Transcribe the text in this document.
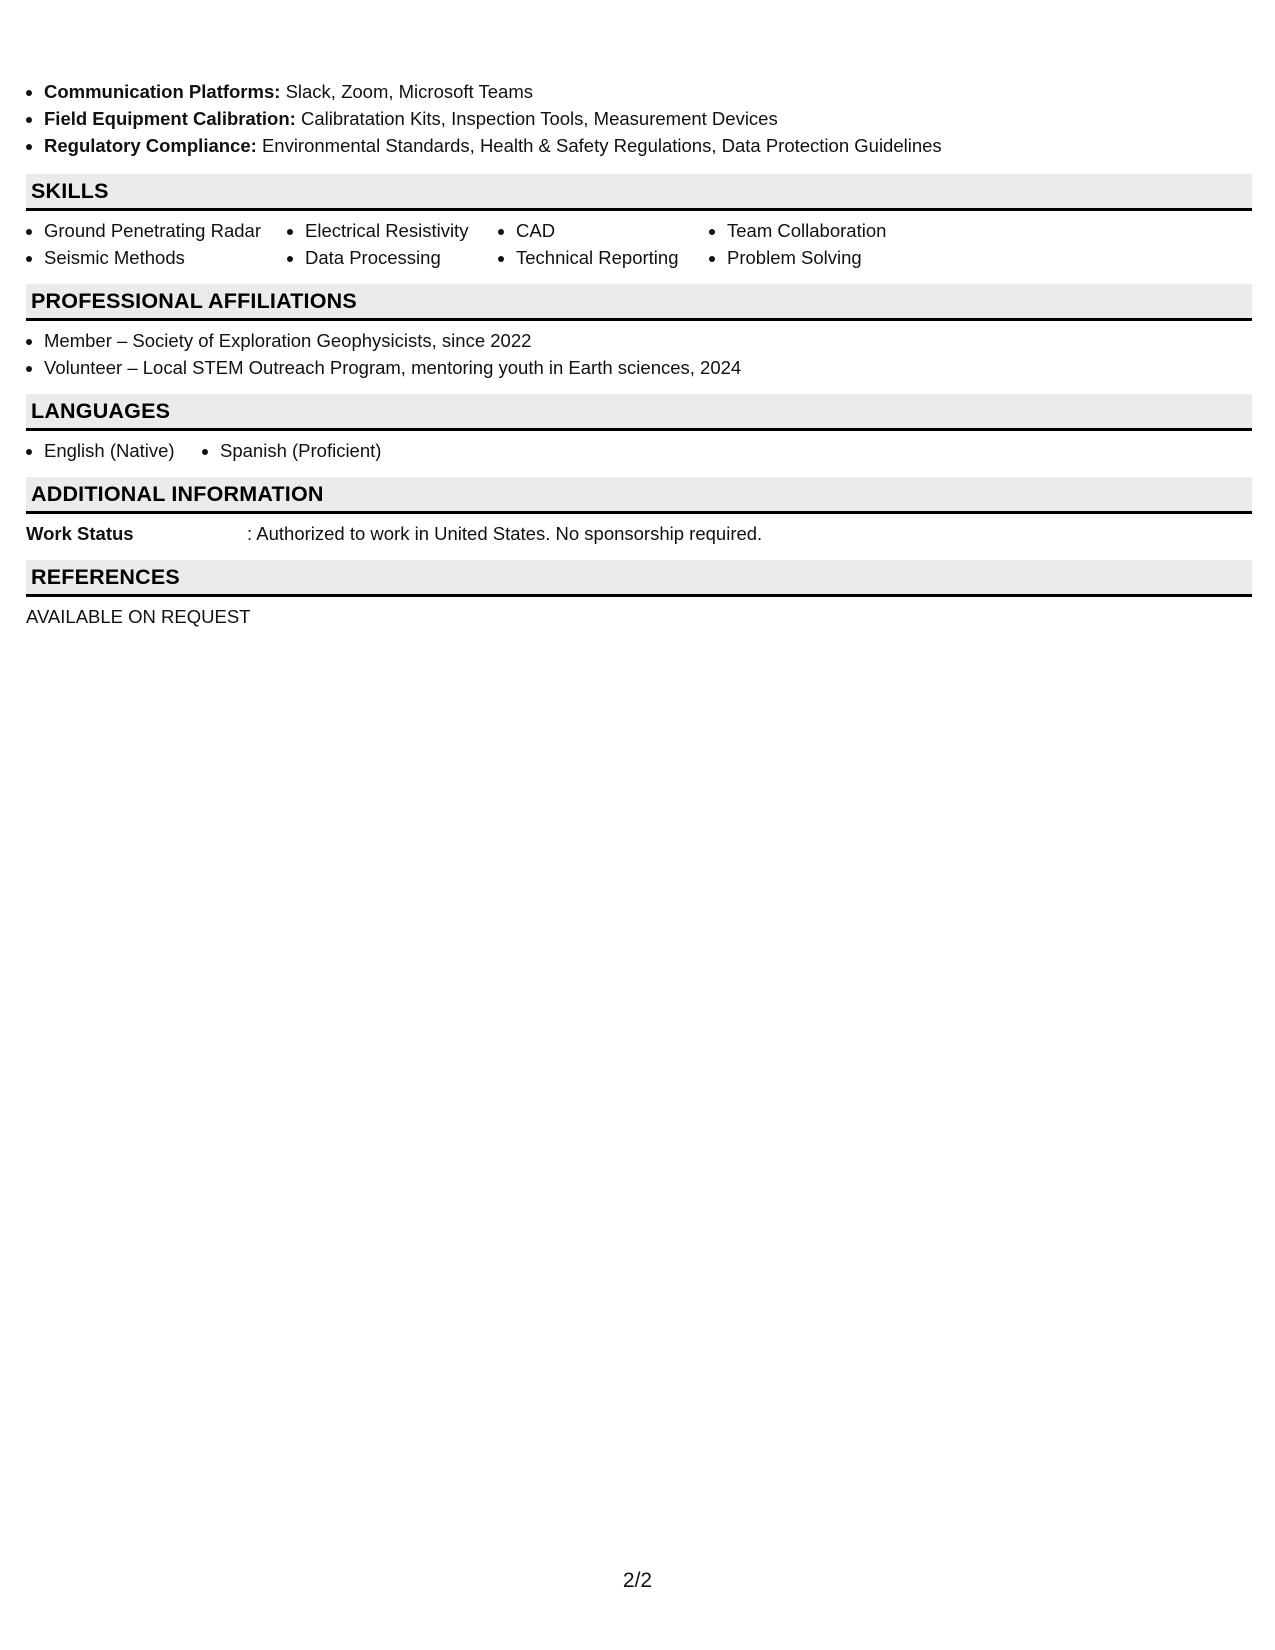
• Communication Platforms: Slack, Zoom, Microsoft Teams
• Field Equipment Calibration: Calibratation Kits, Inspection Tools, Measurement Devices
• Regulatory Compliance: Environmental Standards, Health & Safety Regulations, Data Protection Guidelines
SKILLS
• Ground Penetrating Radar
• Seismic Methods
• Electrical Resistivity
• Data Processing
• CAD
• Technical Reporting
• Team Collaboration
• Problem Solving
PROFESSIONAL AFFILIATIONS
• Member – Society of Exploration Geophysicists, since 2022
• Volunteer – Local STEM Outreach Program, mentoring youth in Earth sciences, 2024
LANGUAGES
• English (Native)
•	Spanish (Proficient)
ADDITIONAL INFORMATION
Work Status	: Authorized to work in United States. No sponsorship required.
REFERENCES
AVAILABLE ON REQUEST
2/2
